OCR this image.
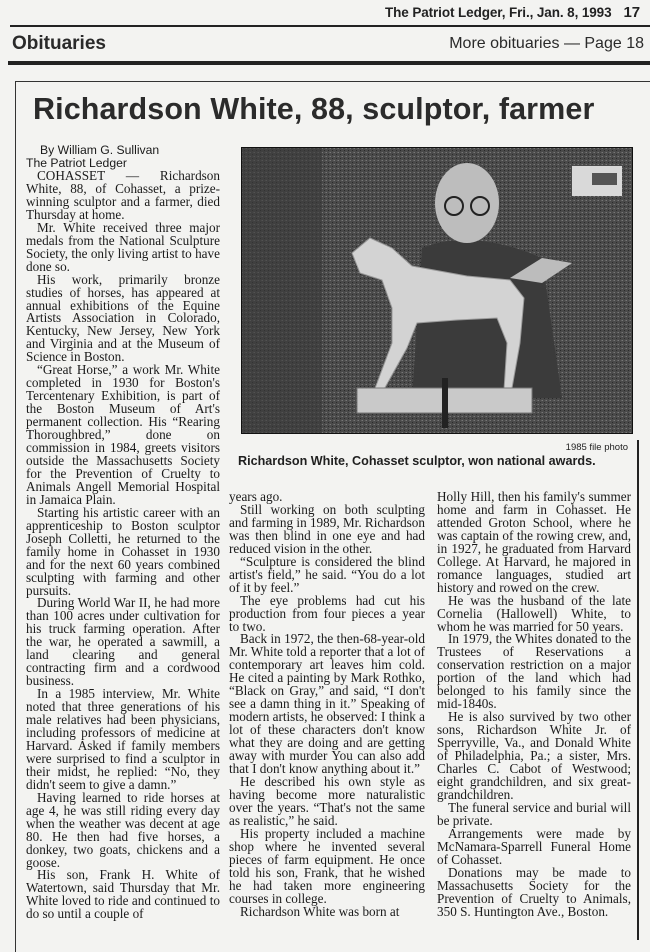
The Patriot Ledger, Fri., Jan. 8, 1993 17
Obituaries	More obituaries — Page 18
Richardson White, 88, sculptor, farmer
By William G. Sullivan
The Patriot Ledger

COHASSET — Richardson White, 88, of Cohasset, a prize-winning sculptor and a farmer, died Thursday at home.

Mr. White received three major medals from the National Sculpture Society, the only living artist to have done so.

His work, primarily bronze studies of horses, has appeared at annual exhibitions of the Equine Artists Association in Colorado, Kentucky, New Jersey, New York and Virginia and at the Museum of Science in Boston.

“Great Horse,” a work Mr. White completed in 1930 for Boston's Tercentenary Exhibition, is part of the Boston Museum of Art's permanent collection. His “Rearing Thoroughbred,” done on commission in 1984, greets visitors outside the Massachusetts Society for the Prevention of Cruelty to Animals Angell Memorial Hospital in Jamaica Plain.

Starting his artistic career with an apprenticeship to Boston sculptor Joseph Colletti, he returned to the family home in Cohasset in 1930 and for the next 60 years combined sculpting with farming and other pursuits.

During World War II, he had more than 100 acres under cultivation for his truck farming operation. After the war, he operated a sawmill, a land clearing and general contracting firm and a cordwood business.

In a 1985 interview, Mr. White noted that three generations of his male relatives had been physicians, including professors of medicine at Harvard. Asked if family members were surprised to find a sculptor in their midst, he replied: “No, they didn't seem to give a damn.”

Having learned to ride horses at age 4, he was still riding every day when the weather was decent at age 80. He then had five horses, a donkey, two goats, chickens and a goose.

His son, Frank H. White of Watertown, said Thursday that Mr. White loved to ride and continued to do so until a couple of

1985 file photo
Richardson White, Cohasset sculptor, won national awards.

years ago.

Still working on both sculpting and farming in 1989, Mr. Richardson was then blind in one eye and had reduced vision in the other.

“Sculpture is considered the blind artist's field,” he said. “You do a lot of it by feel.”

The eye problems had cut his production from four pieces a year to two.

Back in 1972, the then-68-year-old Mr. White told a reporter that a lot of contemporary art leaves him cold. He cited a painting by Mark Rothko, “Black on Gray,” and said, “I don't see a damn thing in it.” Speaking of modern artists, he observed: I think a lot of these characters don't know what they are doing and are getting away with murder You can also add that I don't know anything about it.”

He described his own style as having become more naturalistic over the years. “That's not the same as realistic,” he said.

His property included a machine shop where he invented several pieces of farm equipment. He once told his son, Frank, that he wished he had taken more engineering courses in college.

Richardson White was born at

Holly Hill, then his family's summer home and farm in Cohasset. He attended Groton School, where he was captain of the rowing crew, and, in 1927, he graduated from Harvard College. At Harvard, he majored in romance languages, studied art history and rowed on the crew.

He was the husband of the late Cornelia (Hallowell) White, to whom he was married for 50 years.

In 1979, the Whites donated to the Trustees of Reservations a conservation restriction on a major portion of the land which had belonged to his family since the mid-1840s.

He is also survived by two other sons, Richardson White Jr. of Sperryville, Va., and Donald White of Philadelphia, Pa.; a sister, Mrs. Charles C. Cabot of Westwood; eight grandchildren, and six great-grandchildren.

The funeral service and burial will be private.

Arrangements were made by McNamara-Sparrell Funeral Home of Cohasset.

Donations may be made to Massachusetts Society for the Prevention of Cruelty to Animals, 350 S. Huntington Ave., Boston.
